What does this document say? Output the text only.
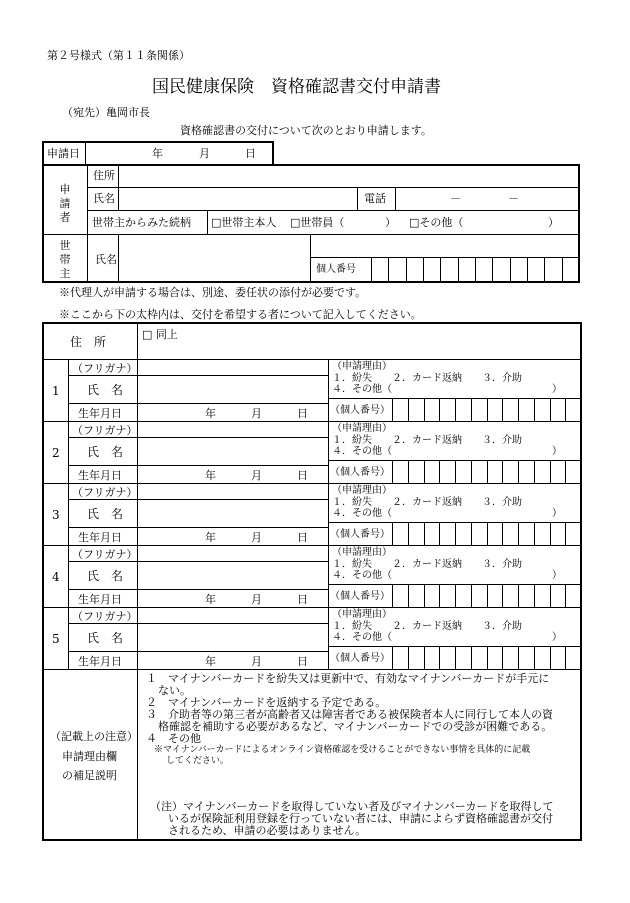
第２号様式（第１１条関係）
国民健康保険　資格確認書交付申請書
（宛先）亀岡市長
資格確認書の交付について次のとおり申請します。
申請日	年	月	日
申請者
住所
氏名	電話	－	－
世帯主からみた続柄 □世帯主本人 □世帯員（	） □その他（	）
世帯主
氏名
個人番号
※代理人が申請する場合は、別途、委任状の添付が必要です。
※ここから下の太枠内は、交付を希望する者について記入してください。
住　所
□ 同上
1
（フリガナ）
氏　名
生年月日	年	月	日
（申請理由）
１．紛失　　２．カード返納　　３．介助
４．その他（	）
（個人番号）
2
（フリガナ）
氏　名
生年月日	年	月	日
（申請理由）
１．紛失　　２．カード返納　　３．介助
４．その他（	）
（個人番号）
3
（フリガナ）
氏　名
生年月日	年	月	日
（申請理由）
１．紛失　　２．カード返納　　３．介助
４．その他（	）
（個人番号）
4
（フリガナ）
氏　名
生年月日	年	月	日
（申請理由）
１．紛失　　２．カード返納　　３．介助
４．その他（	）
（個人番号）
5
（フリガナ）
氏　名
生年月日	年	月	日
（申請理由）
１．紛失　　２．カード返納　　３．介助
４．その他（	）
（個人番号）
（記載上の注意）
申請理由欄
の補足説明
１　マイナンバーカードを紛失又は更新中で、有効なマイナンバーカードが手元に
ない。
２　マイナンバーカードを返納する予定である。
３　介助者等の第三者が高齢者又は障害者である被保険者本人に同行して本人の資
格確認を補助する必要があるなど、マイナンバーカードでの受診が困難である。
４　その他
※マイナンバーカードによるオンライン資格確認を受けることができない事情を具体的に記載
してください。
（注）マイナンバーカードを取得していない者及びマイナンバーカードを取得して
いるが保険証利用登録を行っていない者には、申請によらず資格確認書が交付
されるため、申請の必要はありません。
